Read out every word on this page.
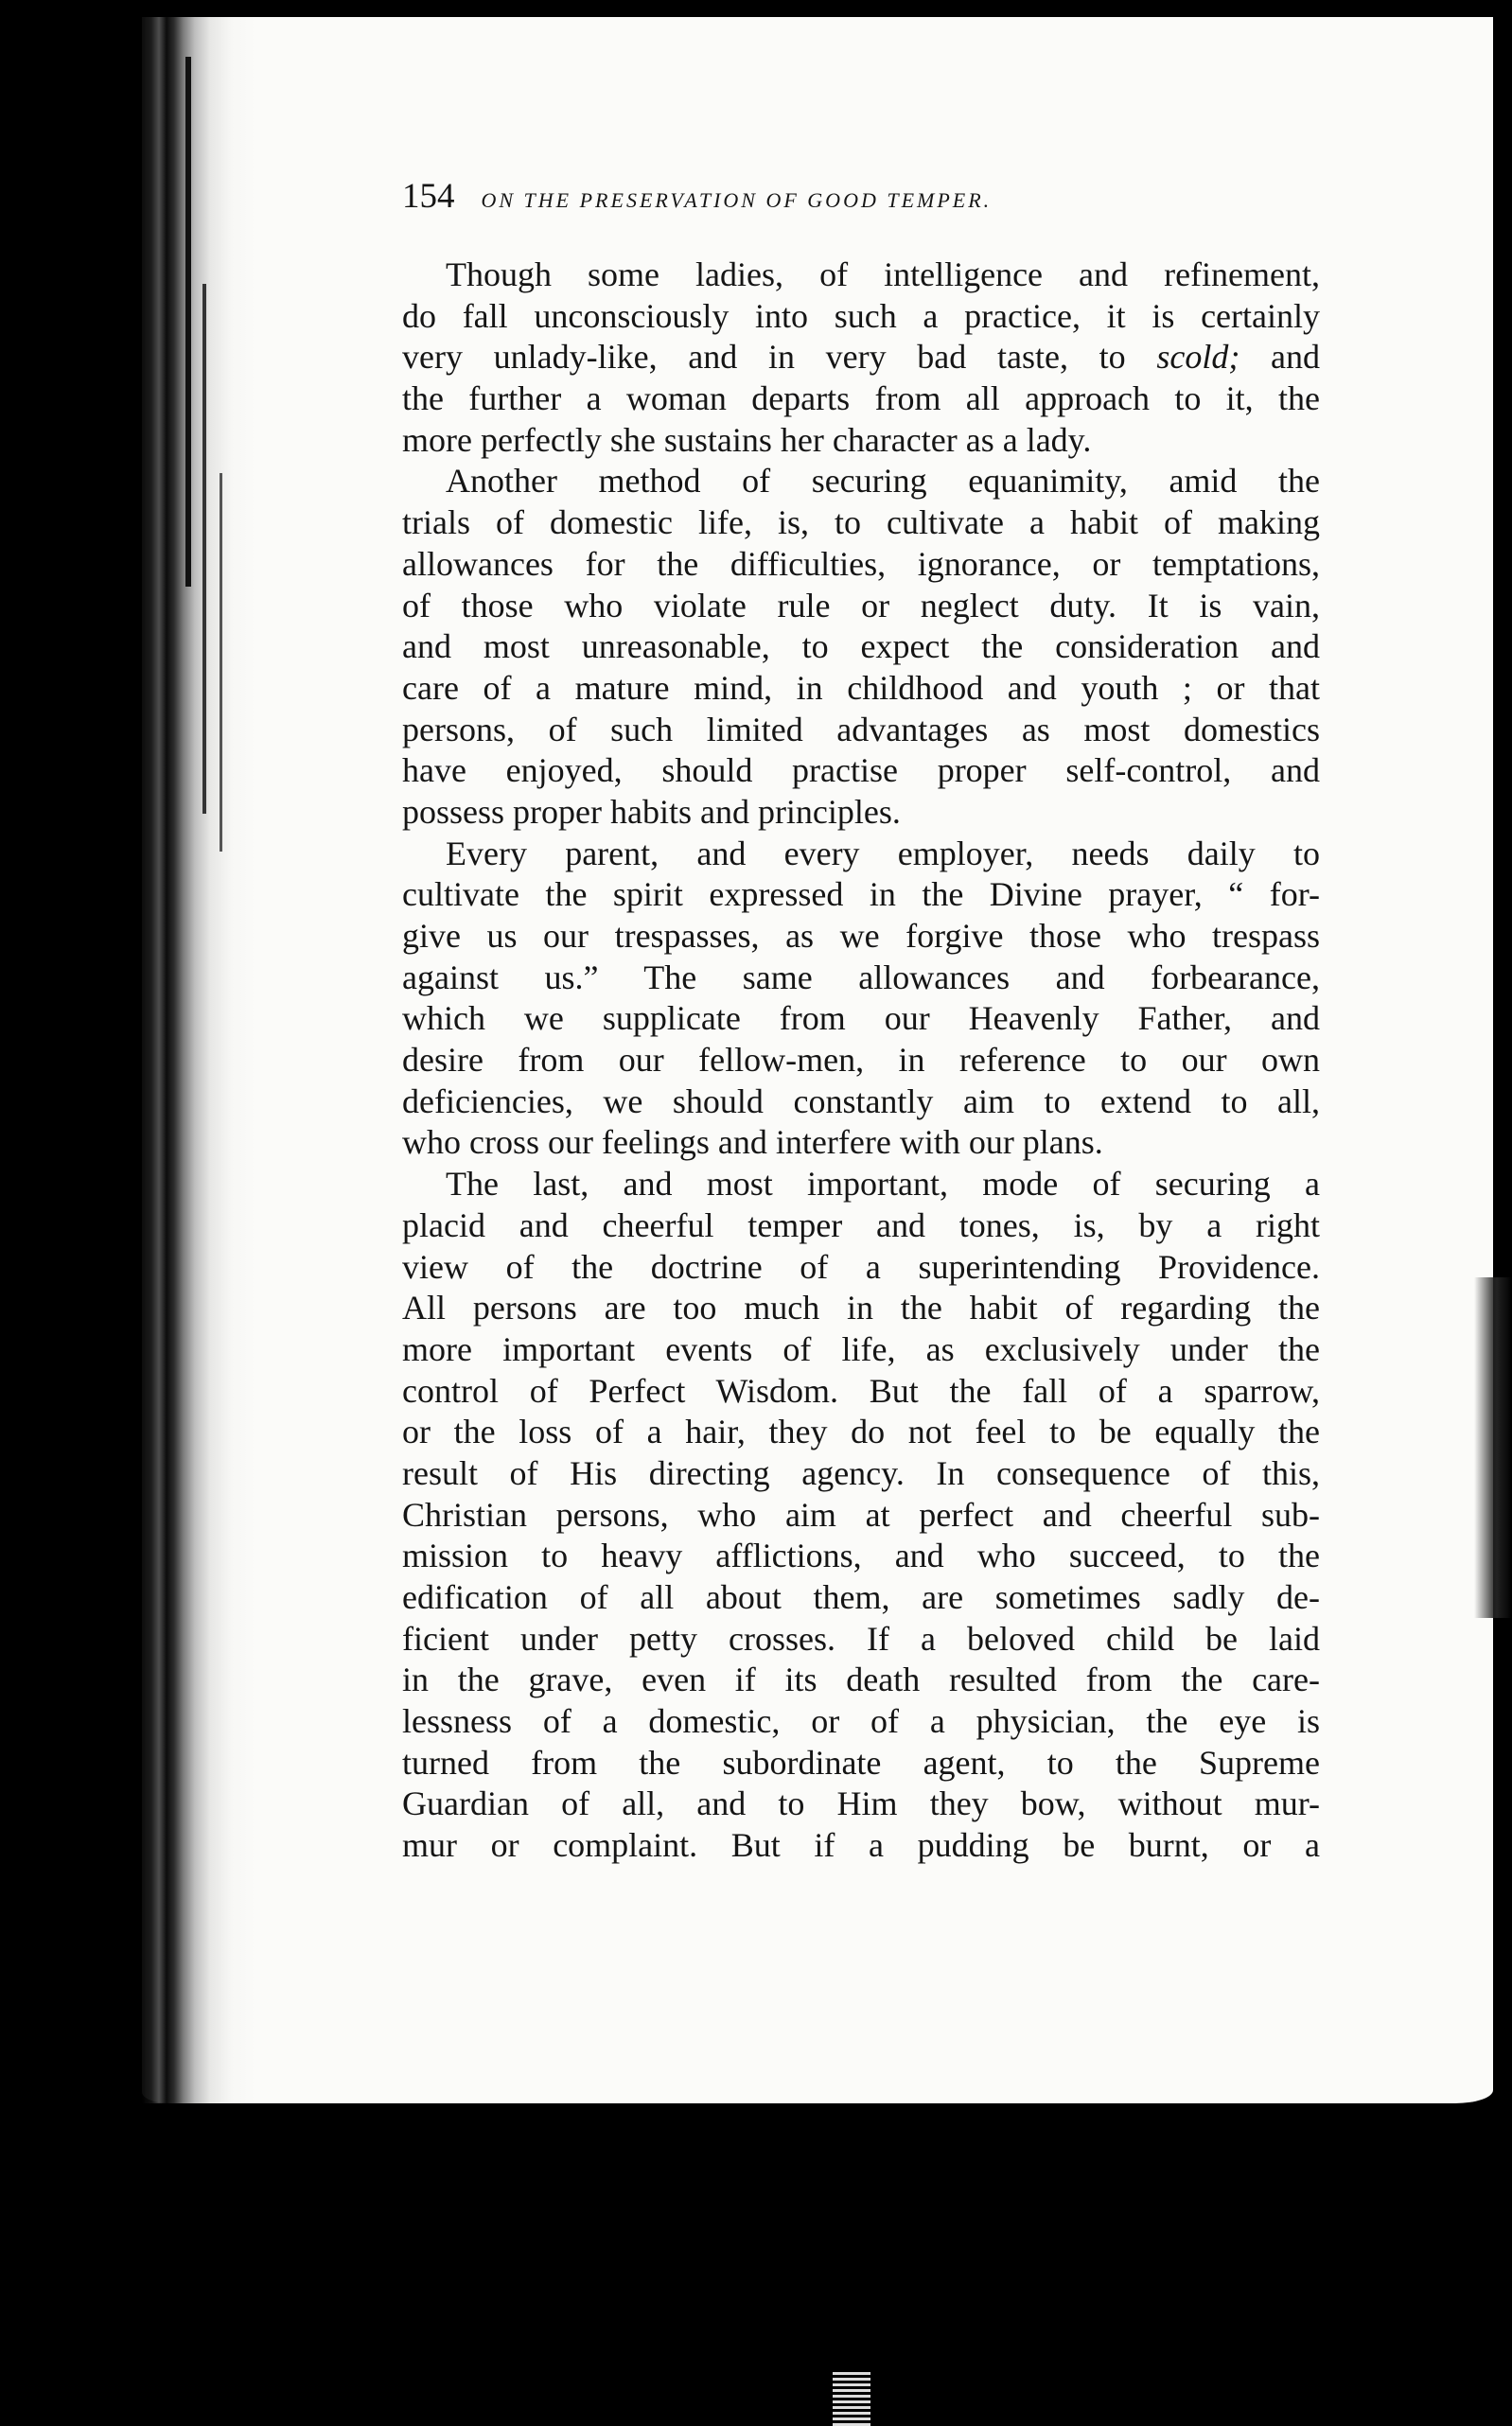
154 ON THE PRESERVATION OF GOOD TEMPER.
Though some ladies, of intelligence and refinement,
do fall unconsciously into such a practice, it is certainly
very unlady-like, and in very bad taste, to scold; and
the further a woman departs from all approach to it, the
more perfectly she sustains her character as a lady.
Another method of securing equanimity, amid the
trials of domestic life, is, to cultivate a habit of making
allowances for the difficulties, ignorance, or temptations,
of those who violate rule or neglect duty. It is vain,
and most unreasonable, to expect the consideration and
care of a mature mind, in childhood and youth ; or that
persons, of such limited advantages as most domestics
have enjoyed, should practise proper self-control, and
possess proper habits and principles.
Every parent, and every employer, needs daily to
cultivate the spirit expressed in the Divine prayer, “ for-
give us our trespasses, as we forgive those who trespass
against us.” The same allowances and forbearance,
which we supplicate from our Heavenly Father, and
desire from our fellow-men, in reference to our own
deficiencies, we should constantly aim to extend to all,
who cross our feelings and interfere with our plans.
The last, and most important, mode of securing a
placid and cheerful temper and tones, is, by a right
view of the doctrine of a superintending Providence.
All persons are too much in the habit of regarding the
more important events of life, as exclusively under the
control of Perfect Wisdom. But the fall of a sparrow,
or the loss of a hair, they do not feel to be equally the
result of His directing agency. In consequence of this,
Christian persons, who aim at perfect and cheerful sub-
mission to heavy afflictions, and who succeed, to the
edification of all about them, are sometimes sadly de-
ficient under petty crosses. If a beloved child be laid
in the grave, even if its death resulted from the care-
lessness of a domestic, or of a physician, the eye is
turned from the subordinate agent, to the Supreme
Guardian of all, and to Him they bow, without mur-
mur or complaint. But if a pudding be burnt, or a
